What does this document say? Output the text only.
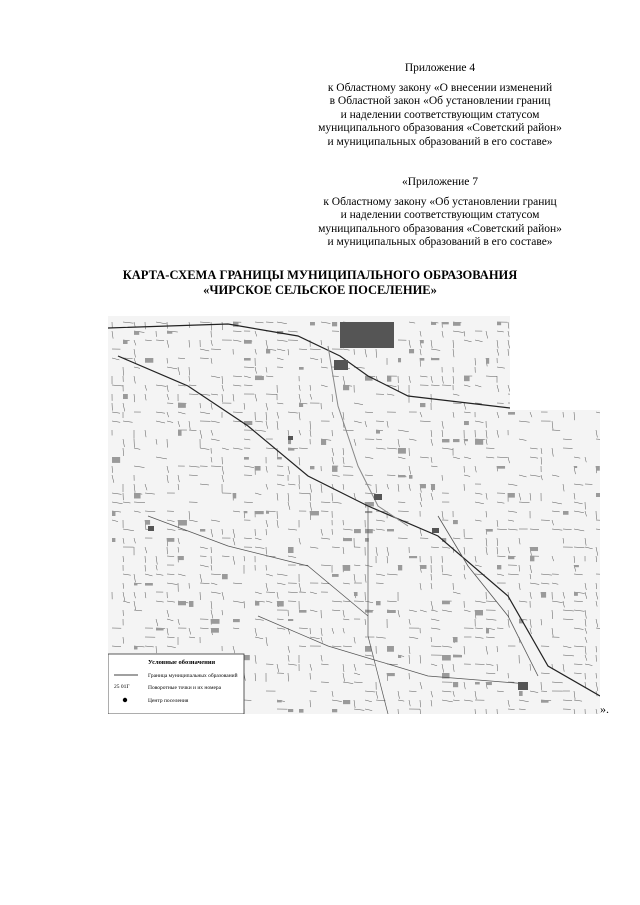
Приложение 4
к Областному закону «О внесении изменений
в Областной закон «Об установлении границ
и наделении соответствующим статусом
муниципального образования «Советский район»
и муниципальных образований в его составе»
«Приложение 7
к Областному закону «Об установлении границ
и наделении соответствующим статусом
муниципального образования «Советский район»
и муниципальных образований в его составе»
КАРТА-СХЕМА ГРАНИЦЫ МУНИЦИПАЛЬНОГО ОБРАЗОВАНИЯ
«ЧИРСКОЕ СЕЛЬСКОЕ ПОСЕЛЕНИЕ»
Условные обозначения
Граница муниципальных образований
25 01Г	Поворотные точки и их номера
Центр поселения
».
